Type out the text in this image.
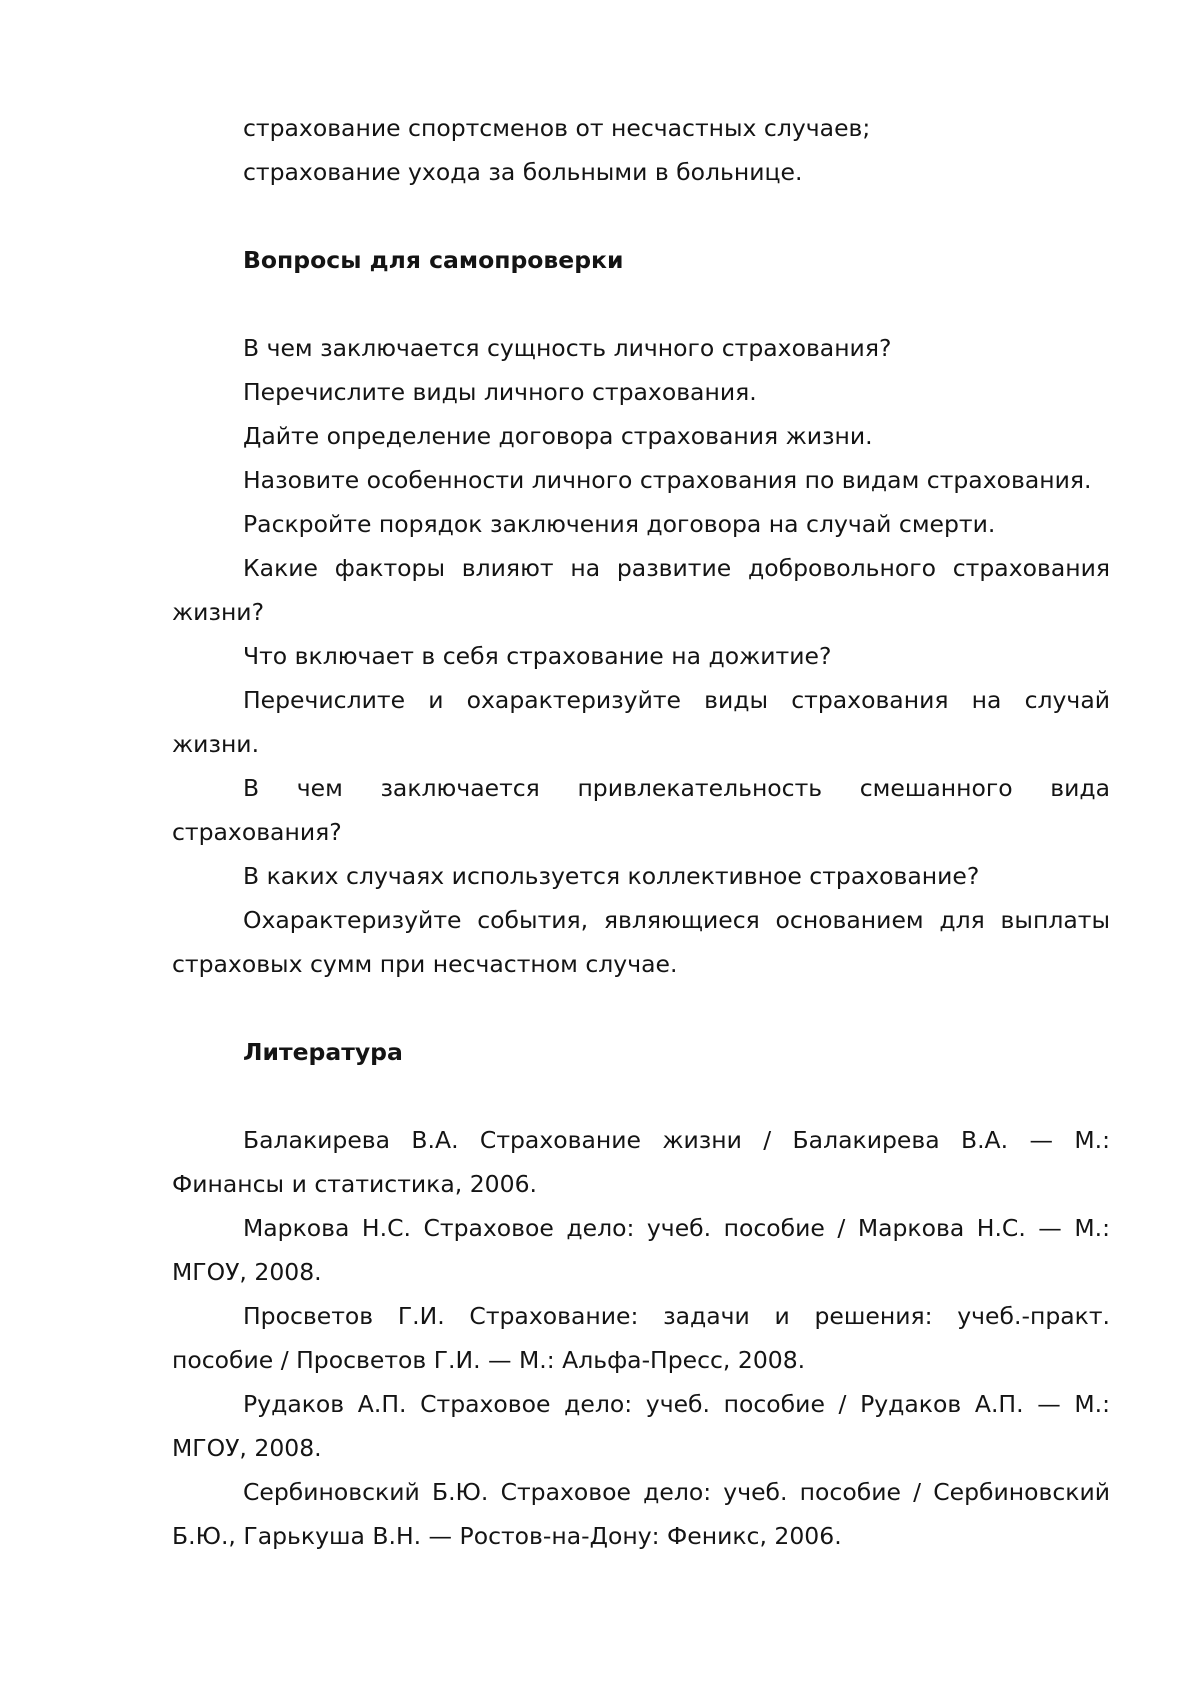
страхование спортсменов от несчастных случаев;

страхование ухода за больными в больнице.

Вопросы для самопроверки

В чем заключается сущность личного страхования?

Перечислите виды личного страхования.

Дайте определение договора страхования жизни.

Назовите особенности личного страхования по видам страхования.

Раскройте порядок заключения договора на случай смерти.

Какие факторы влияют на развитие добровольного страхования жизни?

Что включает в себя страхование на дожитие?

Перечислите и охарактеризуйте виды страхования на случай жизни.

В чем заключается привлекательность смешанного вида страхования?

В каких случаях используется коллективное страхование?

Охарактеризуйте события, являющиеся основанием для выплаты страховых сумм при несчастном случае.

Литература

Балакирева В.А. Страхование жизни / Балакирева В.А. — М.: Финансы и статистика, 2006.

Маркова Н.С. Страховое дело: учеб. пособие / Маркова Н.С. — М.: МГОУ, 2008.

Просветов Г.И. Страхование: задачи и решения: учеб.-практ. пособие / Просветов Г.И. — М.: Альфа-Пресс, 2008.

Рудаков А.П. Страховое дело: учеб. пособие / Рудаков А.П. — М.: МГОУ, 2008.

Сербиновский Б.Ю. Страховое дело: учеб. пособие / Сербиновский Б.Ю., Гарькуша В.Н. — Ростов-на-Дону: Феникс, 2006.
